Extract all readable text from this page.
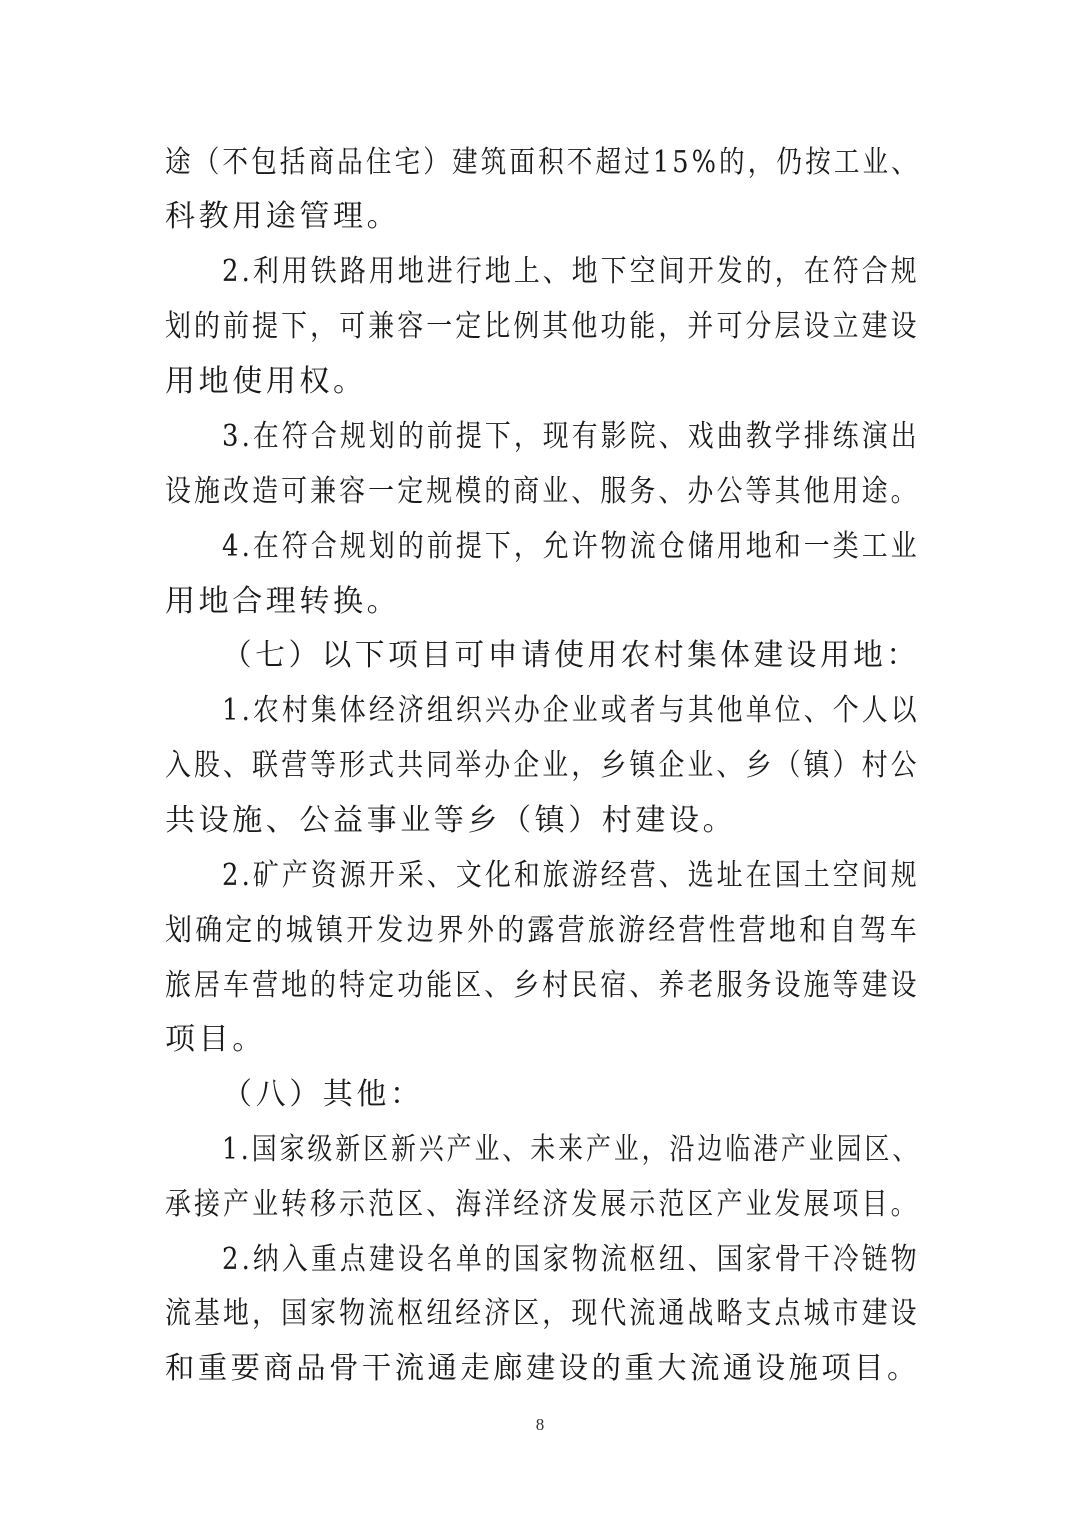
途（不包括商品住宅）建筑面积不超过15%的，仍按工业、
科教用途管理。
2.利用铁路用地进行地上、地下空间开发的，在符合规
划的前提下，可兼容一定比例其他功能，并可分层设立建设
用地使用权。
3.在符合规划的前提下，现有影院、戏曲教学排练演出
设施改造可兼容一定规模的商业、服务、办公等其他用途。
4.在符合规划的前提下，允许物流仓储用地和一类工业
用地合理转换。
（七）以下项目可申请使用农村集体建设用地：
1.农村集体经济组织兴办企业或者与其他单位、个人以
入股、联营等形式共同举办企业，乡镇企业、乡（镇）村公
共设施、公益事业等乡（镇）村建设。
2.矿产资源开采、文化和旅游经营、选址在国土空间规
划确定的城镇开发边界外的露营旅游经营性营地和自驾车
旅居车营地的特定功能区、乡村民宿、养老服务设施等建设
项目。
（八）其他：
1.国家级新区新兴产业、未来产业，沿边临港产业园区、
承接产业转移示范区、海洋经济发展示范区产业发展项目。
2.纳入重点建设名单的国家物流枢纽、国家骨干冷链物
流基地，国家物流枢纽经济区，现代流通战略支点城市建设
和重要商品骨干流通走廊建设的重大流通设施项目。
8
